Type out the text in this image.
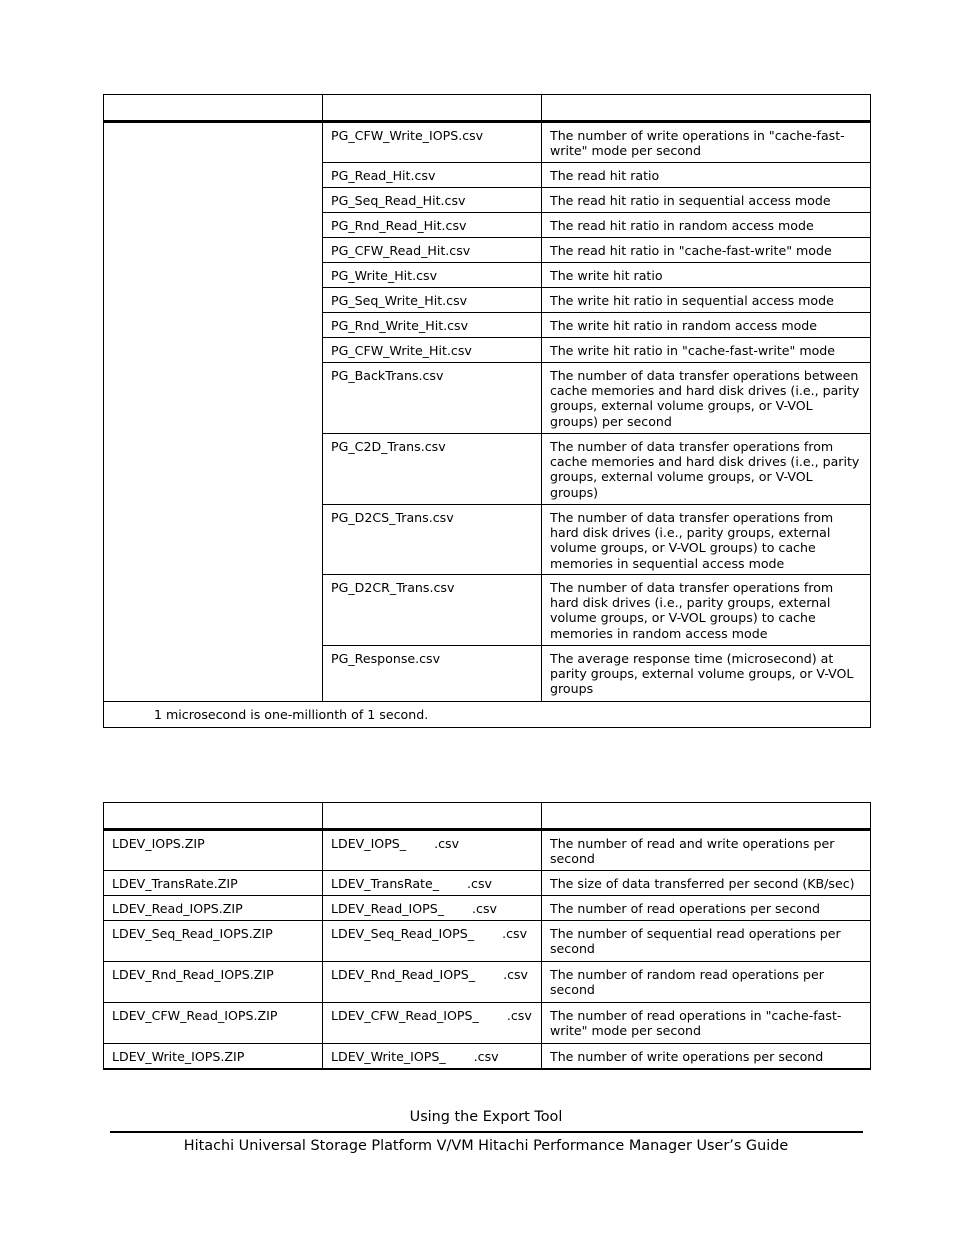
	PG_CFW_Write_IOPS.csv	The number of write operations in "cache-fast-write" mode per second
	PG_Read_Hit.csv	The read hit ratio
	PG_Seq_Read_Hit.csv	The read hit ratio in sequential access mode
	PG_Rnd_Read_Hit.csv	The read hit ratio in random access mode
	PG_CFW_Read_Hit.csv	The read hit ratio in "cache-fast-write" mode
	PG_Write_Hit.csv	The write hit ratio
	PG_Seq_Write_Hit.csv	The write hit ratio in sequential access mode
	PG_Rnd_Write_Hit.csv	The write hit ratio in random access mode
	PG_CFW_Write_Hit.csv	The write hit ratio in "cache-fast-write" mode
	PG_BackTrans.csv	The number of data transfer operations between cache memories and hard disk drives (i.e., parity groups, external volume groups, or V-VOL groups) per second
	PG_C2D_Trans.csv	The number of data transfer operations from cache memories and hard disk drives (i.e., parity groups, external volume groups, or V-VOL groups)
	PG_D2CS_Trans.csv	The number of data transfer operations from hard disk drives (i.e., parity groups, external volume groups, or V-VOL groups) to cache memories in sequential access mode
	PG_D2CR_Trans.csv	The number of data transfer operations from hard disk drives (i.e., parity groups, external volume groups, or V-VOL groups) to cache memories in random access mode
	PG_Response.csv	The average response time (microsecond) at parity groups, external volume groups, or V-VOL groups
1 microsecond is one-millionth of 1 second.		

LDEV_IOPS.ZIP	LDEV_IOPS_ .csv	The number of read and write operations per second
LDEV_TransRate.ZIP	LDEV_TransRate_ .csv	The size of data transferred per second (KB/sec)
LDEV_Read_IOPS.ZIP	LDEV_Read_IOPS_ .csv	The number of read operations per second
LDEV_Seq_Read_IOPS.ZIP	LDEV_Seq_Read_IOPS_ .csv	The number of sequential read operations per second
LDEV_Rnd_Read_IOPS.ZIP	LDEV_Rnd_Read_IOPS_ .csv	The number of random read operations per second
LDEV_CFW_Read_IOPS.ZIP	LDEV_CFW_Read_IOPS_ .csv	The number of read operations in "cache-fast-write" mode per second
LDEV_Write_IOPS.ZIP	LDEV_Write_IOPS_ .csv	The number of write operations per second
Using the Export Tool
Hitachi Universal Storage Platform V/VM Hitachi Performance Manager User’s Guide
